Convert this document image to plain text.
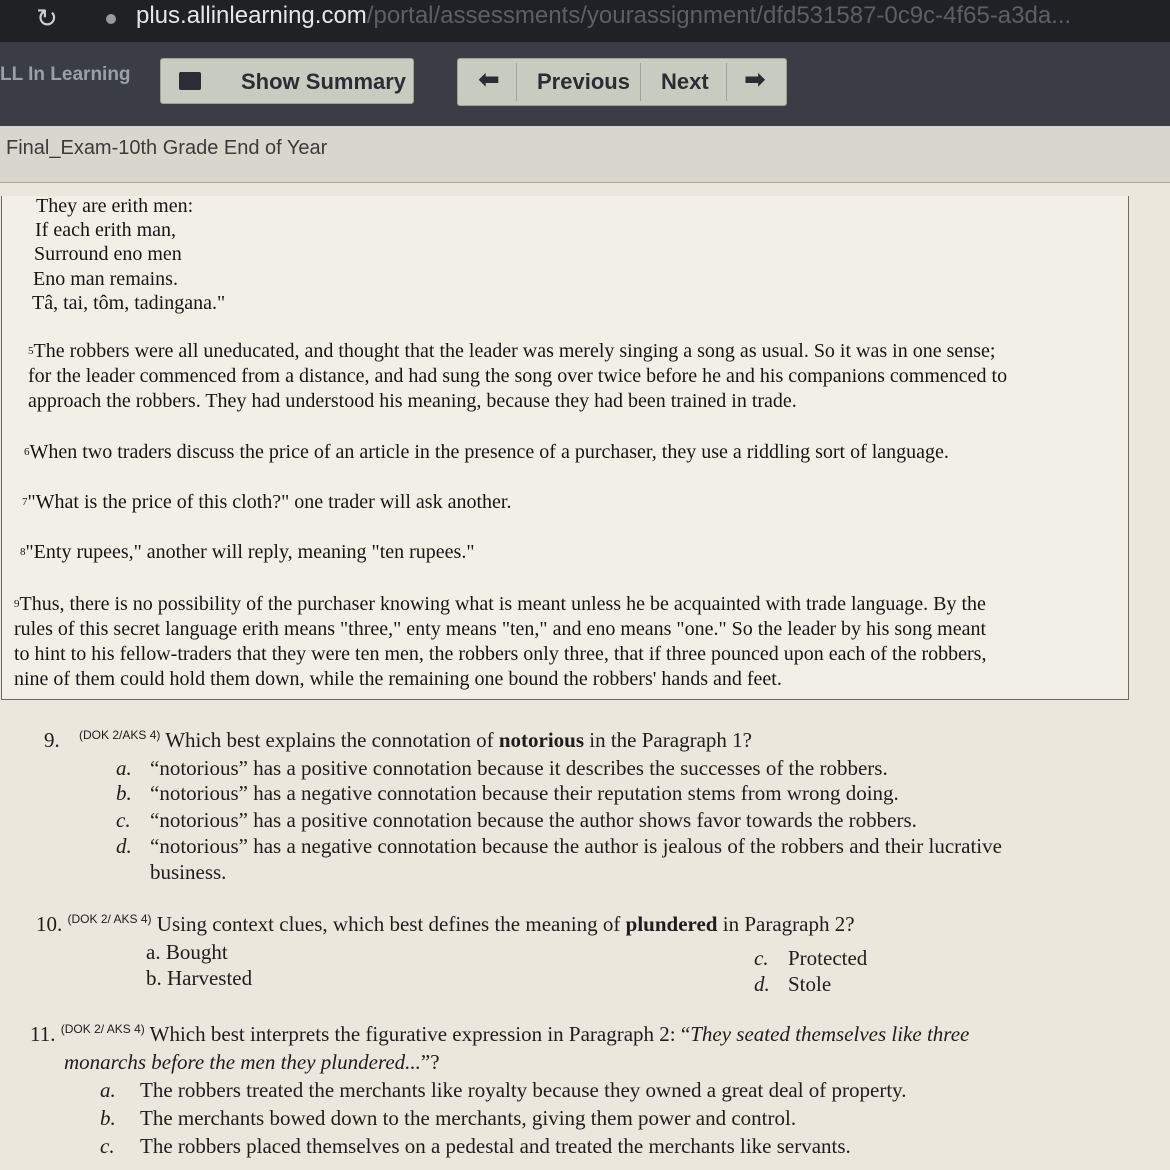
↻	plus.allinlearning.com/portal/assessments/yourassignment/dfd531587-0c9c-4f65-a3da...
LL In Learning	Show Summary	⬅ Previous Next ➡
Final_Exam-10th Grade End of Year
They are erith men:
If each erith man,
Surround eno men
Eno man remains.
Tâ, tai, tôm, tadingana."
$^5$The robbers were all uneducated, and thought that the leader was merely singing a song as usual. So it was in one sense;
for the leader commenced from a distance, and had sung the song over twice before he and his companions commenced to
approach the robbers. They had understood his meaning, because they had been trained in trade.
$^6$When two traders discuss the price of an article in the presence of a purchaser, they use a riddling sort of language.
$^7$"What is the price of this cloth?" one trader will ask another.
$^8$"Enty rupees," another will reply, meaning "ten rupees."
$^9$Thus, there is no possibility of the purchaser knowing what is meant unless he be acquainted with trade language. By the
rules of this secret language erith means "three," enty means "ten," and eno means "one." So the leader by his song meant
to hint to his fellow-traders that they were ten men, the robbers only three, that if three pounced upon each of the robbers,
nine of them could hold them down, while the remaining one bound the robbers' hands and feet.
9. $^{(DOK 2/AKS 4)}$ Which best explains the connotation of notorious in the Paragraph 1?
a. “notorious” has a positive connotation because it describes the successes of the robbers.
b. “notorious” has a negative connotation because their reputation stems from wrong doing.
c. “notorious” has a positive connotation because the author shows favor towards the robbers.
d. “notorious” has a negative connotation because the author is jealous of the robbers and their lucrative
business.
10. $^{(DOK 2/ AKS 4)}$ Using context clues, which best defines the meaning of plundered in Paragraph 2?
a. Bought
b. Harvested
c. Protected
d. Stole
11. $^{(DOK 2/ AKS 4)}$ Which best interprets the figurative expression in Paragraph 2: “They seated themselves like three
monarchs before the men they plundered...”?
a. The robbers treated the merchants like royalty because they owned a great deal of property.
b. The merchants bowed down to the merchants, giving them power and control.
c. The robbers placed themselves on a pedestal and treated the merchants like servants.
